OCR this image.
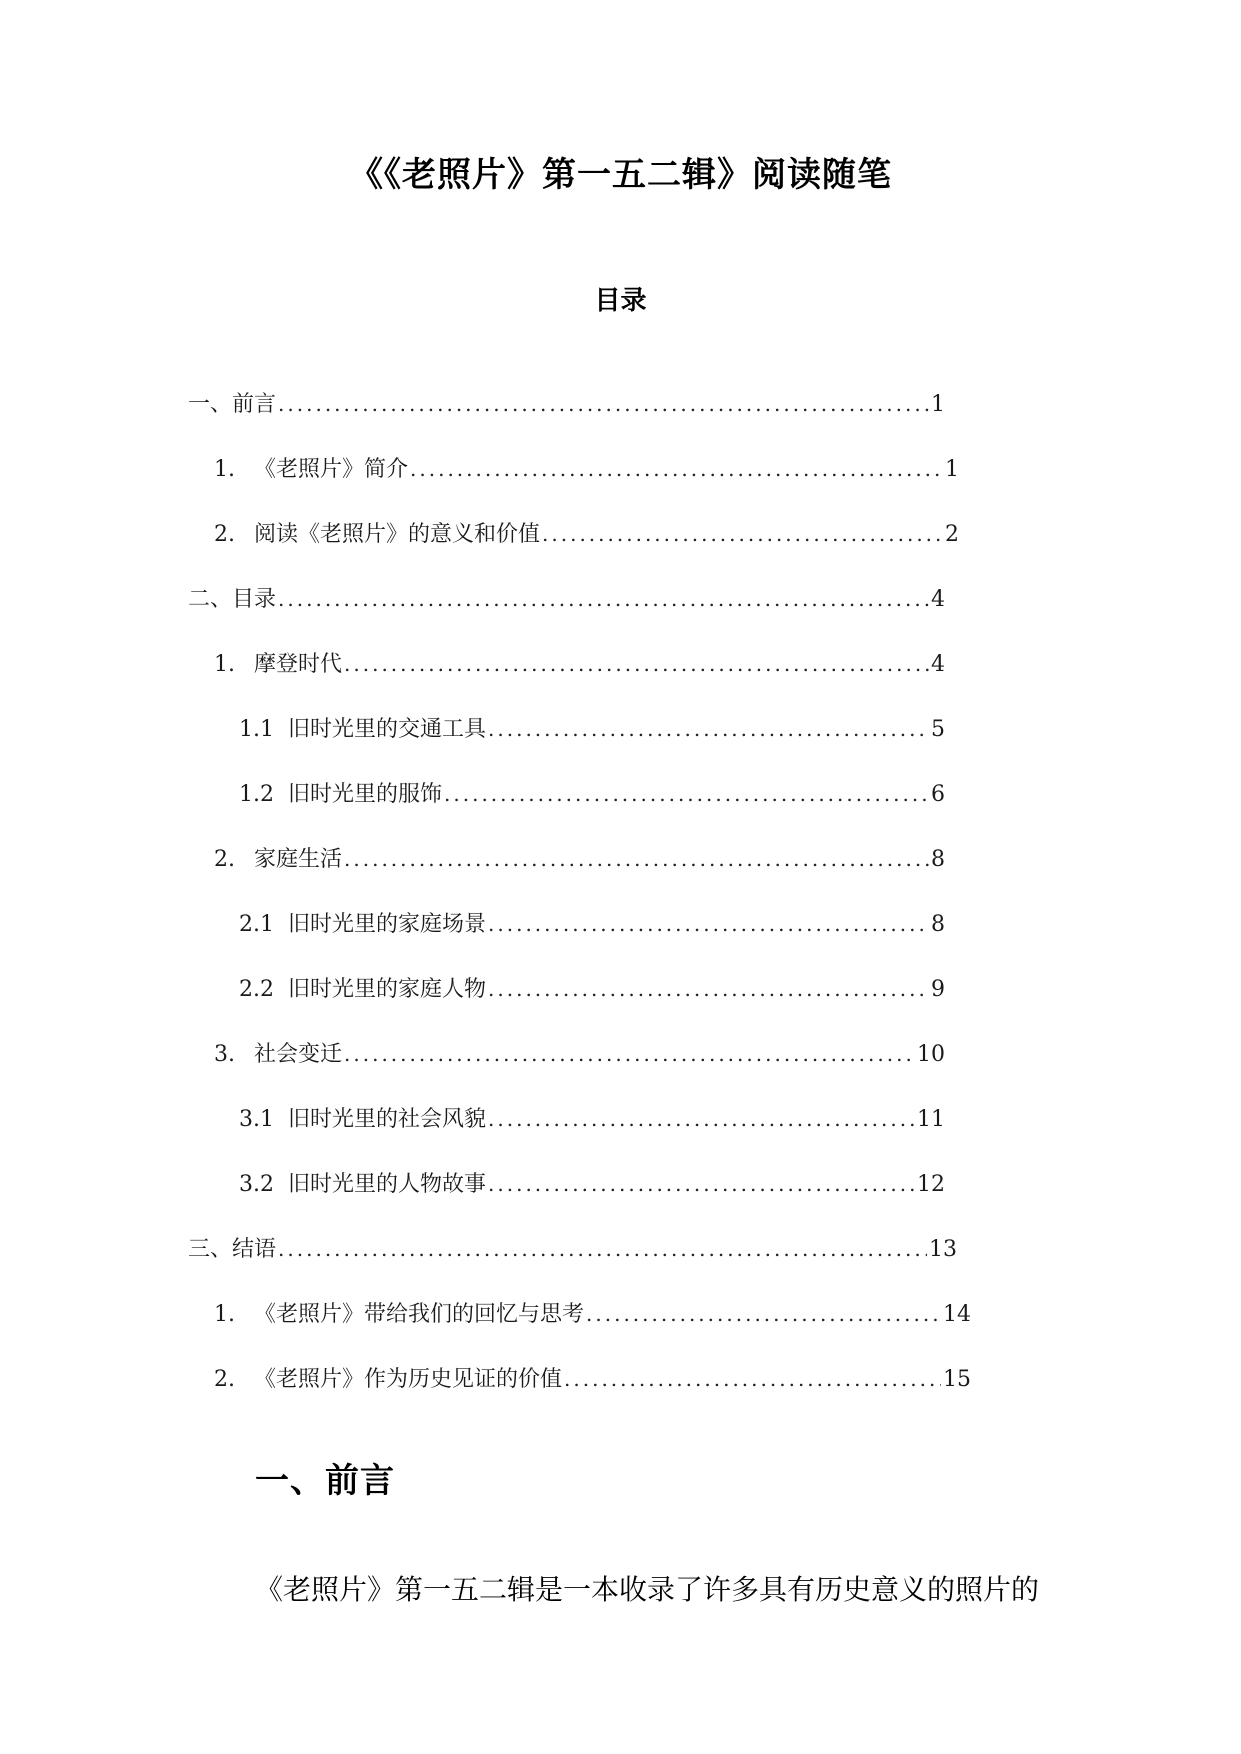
《《老照片》第一五二辑》阅读随笔
目录
一、 前言 .....	1
1. 《老照片》简介 .....	1
2. 阅读《老照片》的意义和价值 .....	2
二、 目录 .....	4
1. 摩登时代 .....	4
1.1 旧时光里的交通工具 .....	5
1.2 旧时光里的服饰 .....	6
2. 家庭生活 .....	8
2.1 旧时光里的家庭场景 .....	8
2.2 旧时光里的家庭人物 .....	9
3. 社会变迁 .....	10
3.1 旧时光里的社会风貌 .....	11
3.2 旧时光里的人物故事 .....	12
三、 结语 .....	13
1. 《老照片》带给我们的回忆与思考 .....	14
2. 《老照片》作为历史见证的价值 .....	15
一、前言
《老照片》第一五二辑是一本收录了许多具有历史意义的照片的
